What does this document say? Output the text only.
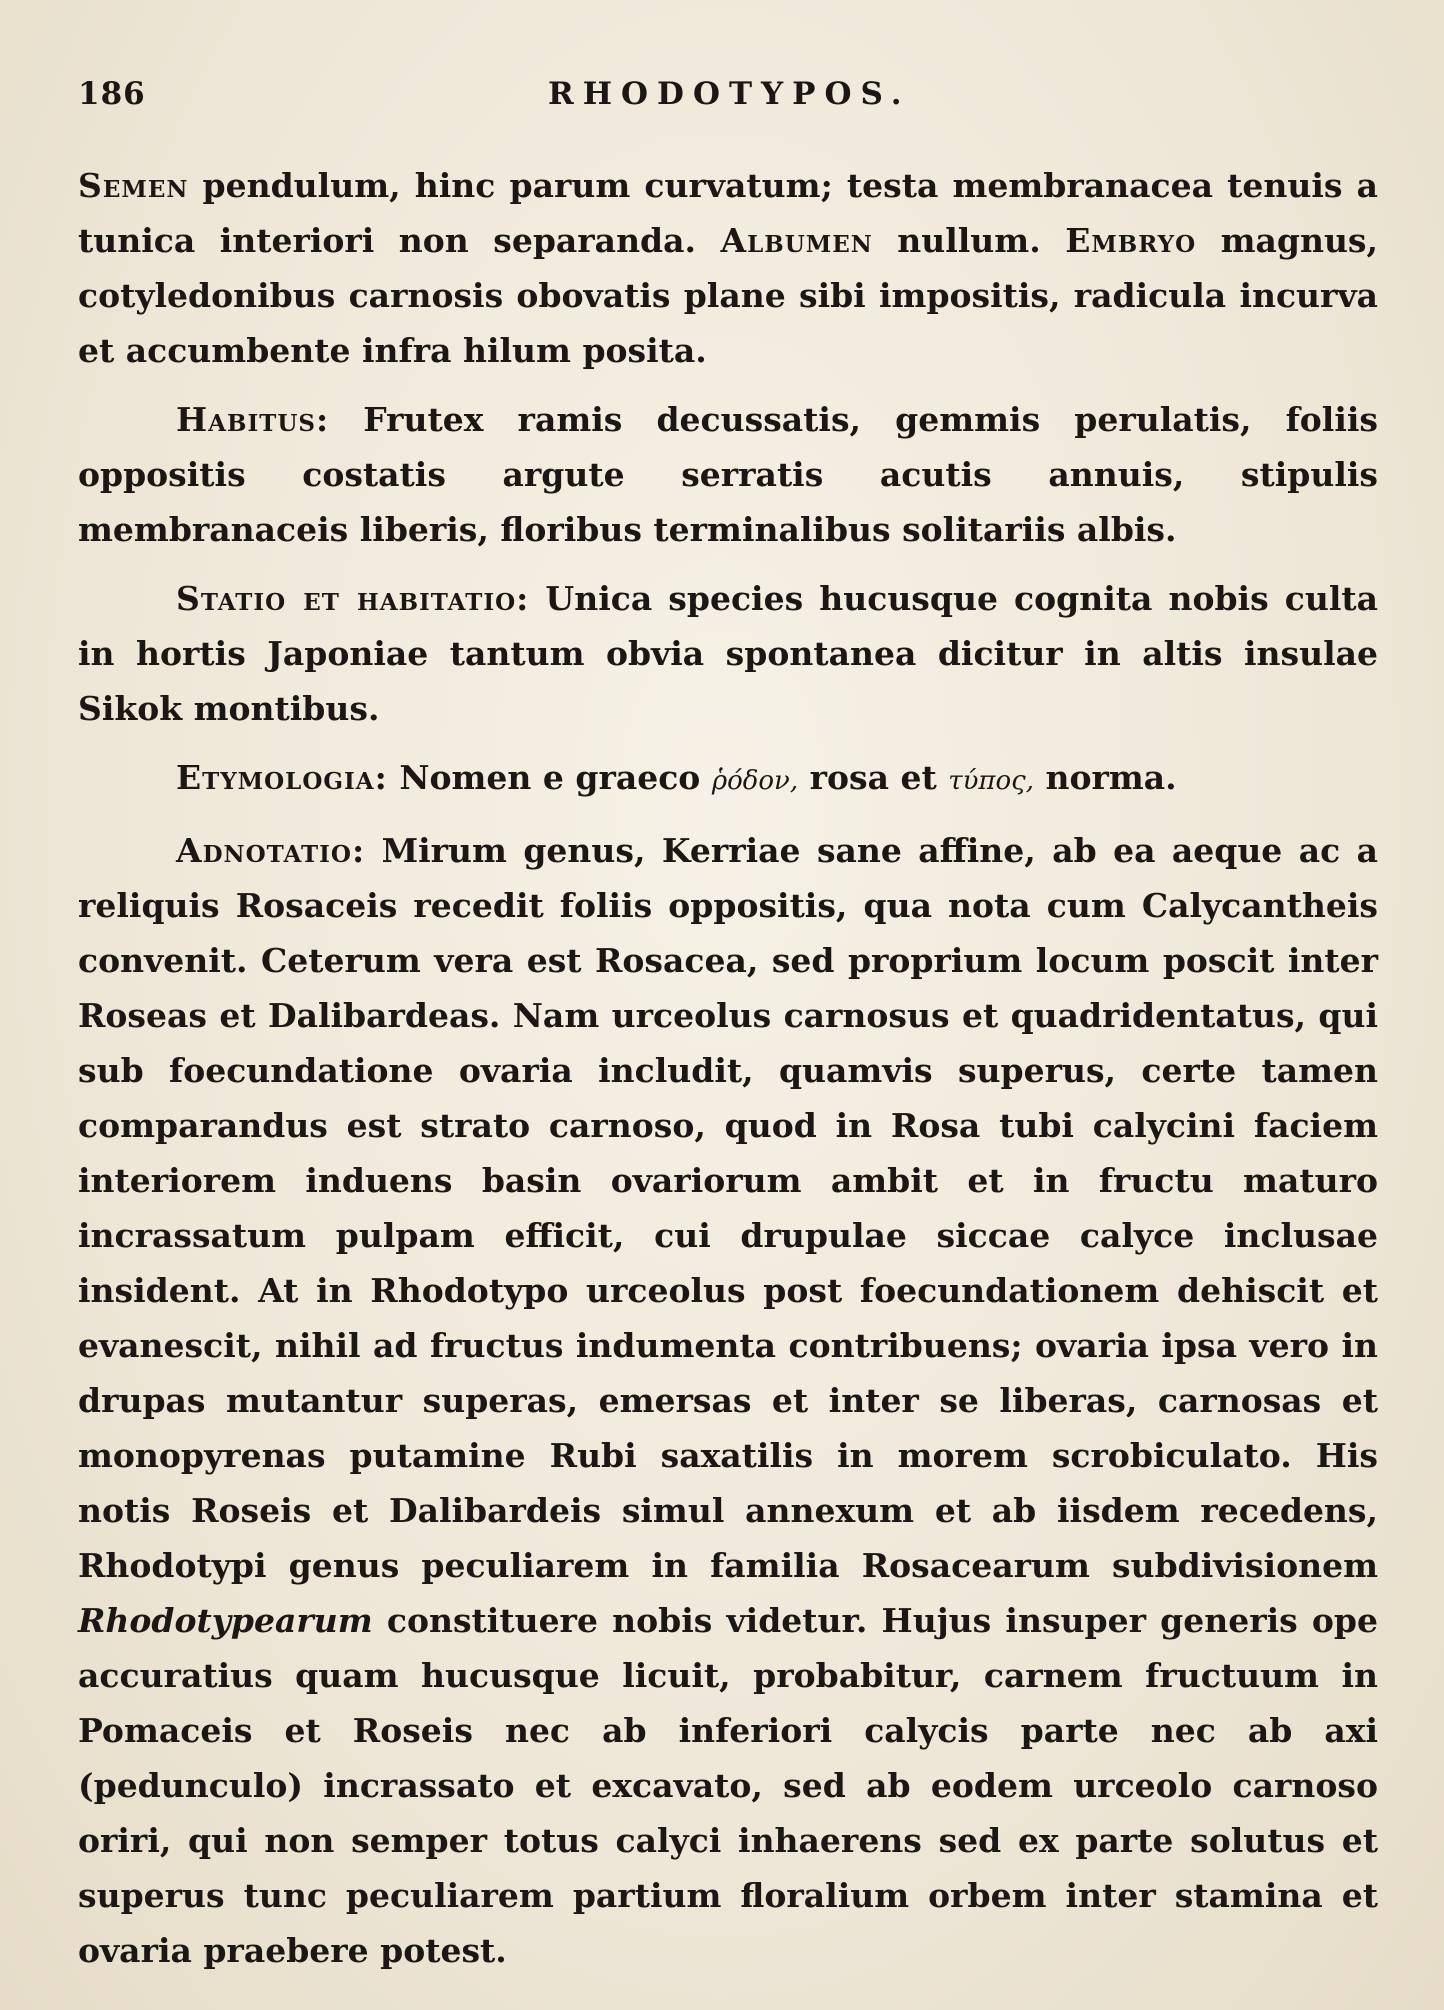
186	RHODOTYPOS.

Semen pendulum, hinc parum curvatum; testa membranacea tenuis a tunica interiori non separanda. Albumen nullum. Embryo magnus, cotyledonibus carnosis obovatis plane sibi impositis, radicula incurva et accumbente infra hilum posita.

Habitus: Frutex ramis decussatis, gemmis perulatis, foliis oppositis costatis argute serratis acutis annuis, stipulis membranaceis liberis, floribus terminalibus solitariis albis.

Statio et habitatio: Unica species hucusque cognita nobis culta in hortis Japoniae tantum obvia spontanea dicitur in altis insulae Sikok montibus.

Etymologia: Nomen e graeco ῥόδον, rosa et τύπος, norma.

Adnotatio: Mirum genus, Kerriae sane affine, ab ea aeque ac a reliquis Rosaceis recedit foliis oppositis, qua nota cum Calycantheis convenit. Ceterum vera est Rosacea, sed proprium locum poscit inter Roseas et Dalibardeas. Nam urceolus carnosus et quadridentatus, qui sub foecundatione ovaria includit, quamvis superus, certe tamen comparandus est strato carnoso, quod in Rosa tubi calycini faciem interiorem induens basin ovariorum ambit et in fructu maturo incrassatum pulpam efficit, cui drupulae siccae calyce inclusae insident. At in Rhodotypo urceolus post foecundationem dehiscit et evanescit, nihil ad fructus indumenta contribuens; ovaria ipsa vero in drupas mutantur superas, emersas et inter se liberas, carnosas et monopyrenas putamine Rubi saxatilis in morem scrobiculato. His notis Roseis et Dalibardeis simul annexum et ab iisdem recedens, Rhodotypi genus peculiarem in familia Rosacearum subdivisionem Rhodotypearum constituere nobis videtur. Hujus insuper generis ope accuratius quam hucusque licuit, probabitur, carnem fructuum in Pomaceis et Roseis nec ab inferiori calycis parte nec ab axi (pedunculo) incrassato et excavato, sed ab eodem urceolo carnoso oriri, qui non semper totus calyci inhaerens sed ex parte solutus et superus tunc peculiarem partium floralium orbem inter stamina et ovaria praebere potest.
